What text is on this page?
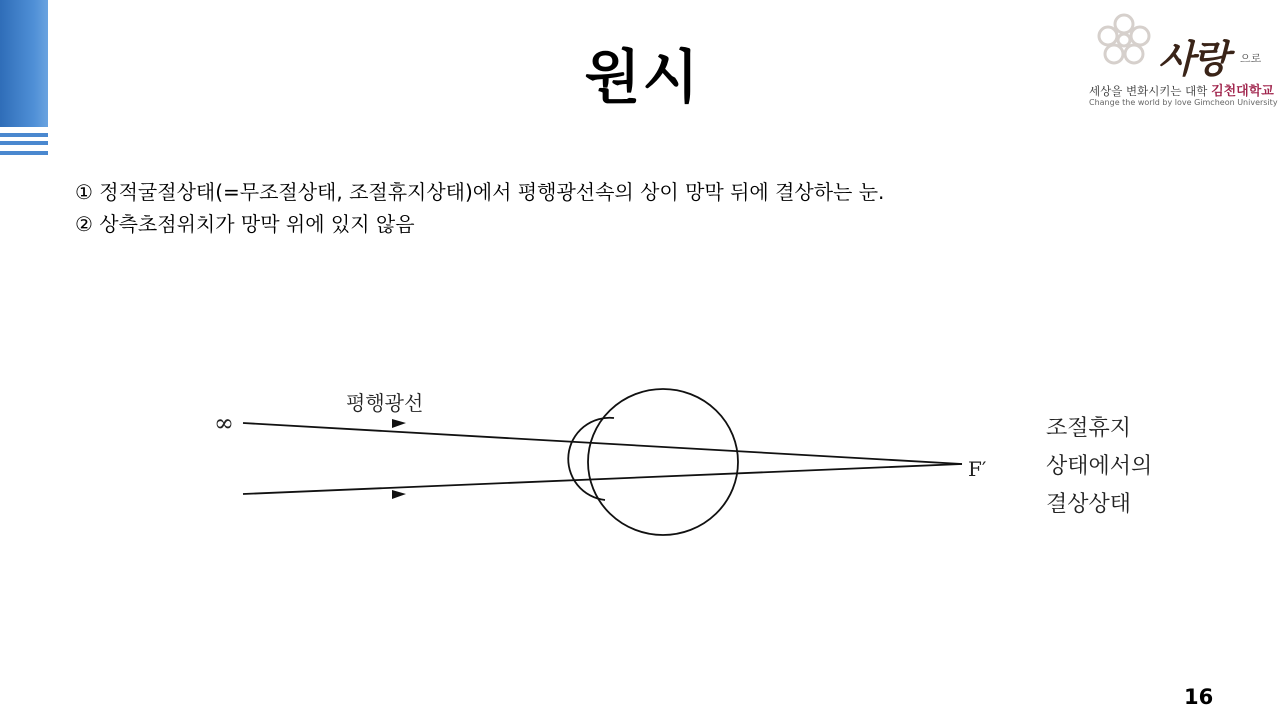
원시	사랑 으로
세상을 변화시키는 대학 김천대학교
Change the world by love Gimcheon University
① 정적굴절상태(=무조절상태, 조절휴지상태)에서 평행광선속의 상이 망막 뒤에 결상하는 눈.
② 상측초점위치가 망막 위에 있지 않음
∞
평행광선
F′
조절휴지
상태에서의
결상상태
16
